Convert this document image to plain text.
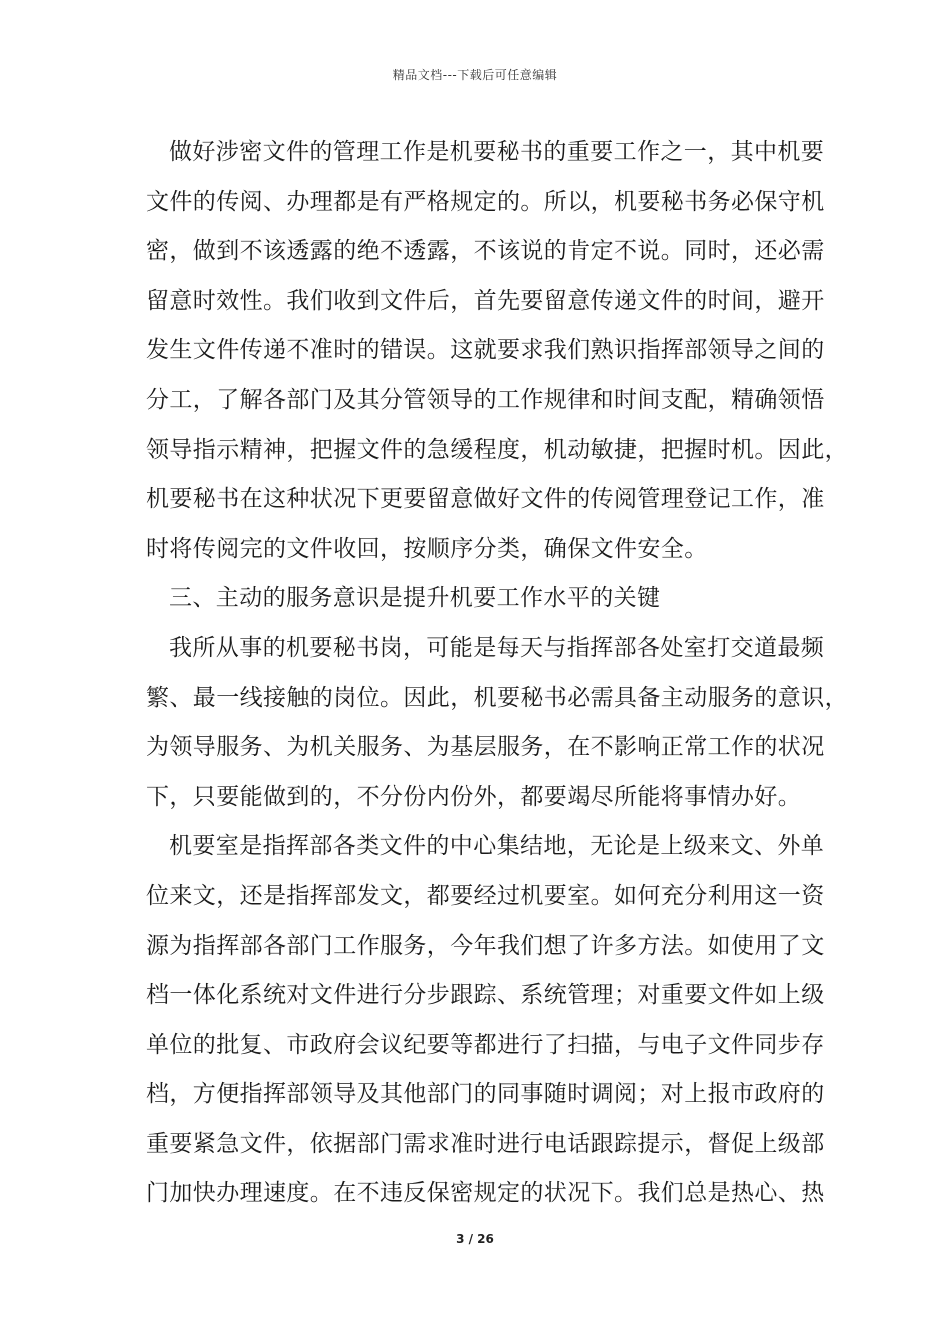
精品文档---下载后可任意编辑
做好涉密文件的管理工作是机要秘书的重要工作之一，其中机要
文件的传阅、办理都是有严格规定的。所以，机要秘书务必保守机
密，做到不该透露的绝不透露，不该说的肯定不说。同时，还必需
留意时效性。我们收到文件后，首先要留意传递文件的时间，避开
发生文件传递不准时的错误。这就要求我们熟识指挥部领导之间的
分工，了解各部门及其分管领导的工作规律和时间支配，精确领悟
领导指示精神，把握文件的急缓程度，机动敏捷，把握时机。因此，
机要秘书在这种状况下更要留意做好文件的传阅管理登记工作，准
时将传阅完的文件收回，按顺序分类，确保文件安全。
三、主动的服务意识是提升机要工作水平的关键
我所从事的机要秘书岗，可能是每天与指挥部各处室打交道最频
繁、最一线接触的岗位。因此，机要秘书必需具备主动服务的意识，
为领导服务、为机关服务、为基层服务，在不影响正常工作的状况
下，只要能做到的，不分份内份外，都要竭尽所能将事情办好。
机要室是指挥部各类文件的中心集结地，无论是上级来文、外单
位来文，还是指挥部发文，都要经过机要室。如何充分利用这一资
源为指挥部各部门工作服务，今年我们想了许多方法。如使用了文
档一体化系统对文件进行分步跟踪、系统管理；对重要文件如上级
单位的批复、市政府会议纪要等都进行了扫描，与电子文件同步存
档，方便指挥部领导及其他部门的同事随时调阅；对上报市政府的
重要紧急文件，依据部门需求准时进行电话跟踪提示，督促上级部
门加快办理速度。在不违反保密规定的状况下。我们总是热心、热
3 / 26
